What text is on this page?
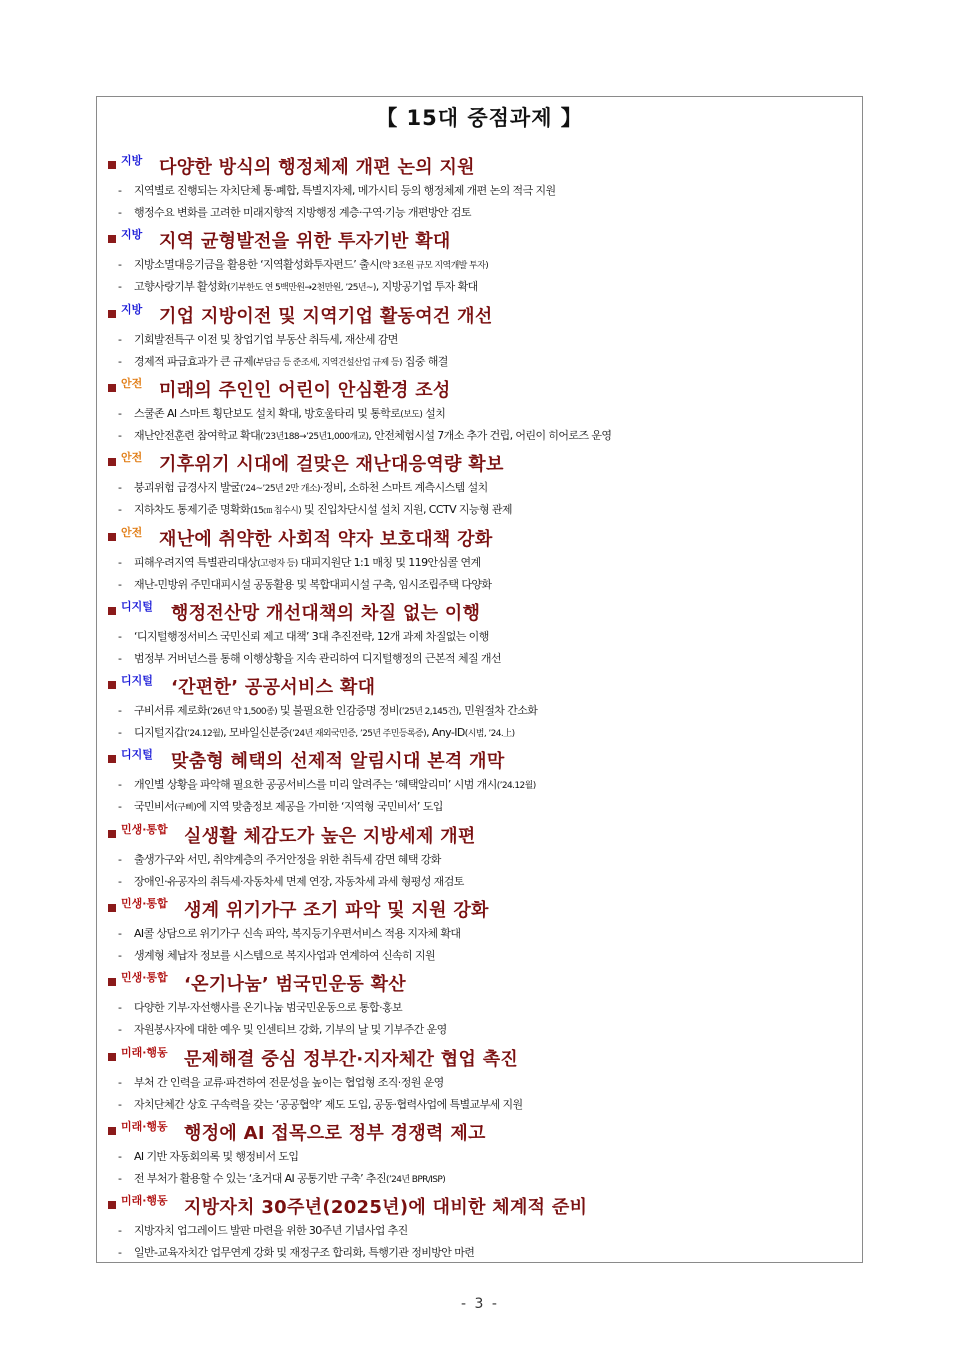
【 15대 중점과제 】
지방 다양한 방식의 행정체제 개편 논의 지원
- 지역별로 진행되는 자치단체 통·폐합, 특별지자체, 메가시티 등의 행정체제 개편 논의 적극 지원
- 행정수요 변화를 고려한 미래지향적 지방행정 계층·구역·기능 개편방안 검토
지방 지역 균형발전을 위한 투자기반 확대
- 지방소멸대응기금을 활용한 ‘지역활성화투자펀드’ 출시(약 3조원 규모 지역개발 투자)
- 고향사랑기부 활성화(기부한도 연 5백만원→2천만원, ’25년~), 지방공기업 투자 확대
지방 기업 지방이전 및 지역기업 활동여건 개선
- 기회발전특구 이전 및 창업기업 부동산 취득세, 재산세 감면
- 경제적 파급효과가 큰 규제(부담금 등 준조세, 지역건설산업 규제 등) 집중 해결
안전 미래의 주인인 어린이 안심환경 조성
- 스쿨존 AI 스마트 횡단보도 설치 확대, 방호울타리 및 통학로(보도) 설치
- 재난안전훈련 참여학교 확대(’23년188→’25년1,000개교), 안전체험시설 7개소 추가 건립, 어린이 히어로즈 운영
안전 기후위기 시대에 걸맞은 재난대응역량 확보
- 붕괴위험 급경사지 발굴(’24~’25년 2만 개소)·정비, 소하천 스마트 계측시스템 설치
- 지하차도 통제기준 명확화(15㎝ 침수시) 및 진입차단시설 설치 지원, CCTV 지능형 관제
안전 재난에 취약한 사회적 약자 보호대책 강화
- 피해우려지역 특별관리대상(고령자 등) 대피지원단 1:1 매칭 및 119안심콜 연계
- 재난-민방위 주민대피시설 공동활용 및 복합대피시설 구축, 임시조립주택 다양화
디지털 행정전산망 개선대책의 차질 없는 이행
- ‘디지털행정서비스 국민신뢰 제고 대책’ 3대 추진전략, 12개 과제 차질없는 이행
- 범정부 거버넌스를 통해 이행상황을 지속 관리하여 디지털행정의 근본적 체질 개선
디지털 ‘간편한’ 공공서비스 확대
- 구비서류 제로화(’26년 약 1,500종) 및 불필요한 인감증명 정비(’25년 2,145건), 민원절차 간소화
- 디지털지갑(’24.12월), 모바일신분증(’24년 재외국민증, ’25년 주민등록증), Any-ID(시범, ’24.上)
디지털 맞춤형 혜택의 선제적 알림시대 본격 개막
- 개인별 상황을 파악해 필요한 공공서비스를 미리 알려주는 ‘혜택알리미’ 시범 개시(’24.12월)
- 국민비서(구삐)에 지역 맞춤정보 제공을 가미한 ‘지역형 국민비서’ 도입
민생·통합 실생활 체감도가 높은 지방세제 개편
- 출생가구와 서민, 취약계층의 주거안정을 위한 취득세 감면 혜택 강화
- 장애인·유공자의 취득세·자동차세 면제 연장, 자동차세 과세 형평성 재검토
민생·통합 생계 위기가구 조기 파악 및 지원 강화
- AI콜 상담으로 위기가구 신속 파악, 복지등기우편서비스 적용 지자체 확대
- 생계형 체납자 정보를 시스템으로 복지사업과 연계하여 신속히 지원
민생·통합 ‘온기나눔’ 범국민운동 확산
- 다양한 기부·자선행사를 온기나눔 범국민운동으로 통합·홍보
- 자원봉사자에 대한 예우 및 인센티브 강화, 기부의 날 및 기부주간 운영
미래·행동 문제해결 중심 정부간·지자체간 협업 촉진
- 부처 간 인력을 교류·파견하여 전문성을 높이는 협업형 조직·정원 운영
- 자치단체간 상호 구속력을 갖는 ‘공공협약’ 제도 도입, 공동·협력사업에 특별교부세 지원
미래·행동 행정에 AI 접목으로 정부 경쟁력 제고
- AI 기반 자동회의록 및 행정비서 도입
- 전 부처가 활용할 수 있는 ‘초거대 AI 공통기반 구축’ 추진(’24년 BPR/ISP)
미래·행동 지방자치 30주년(2025년)에 대비한 체계적 준비
- 지방자치 업그레이드 발판 마련을 위한 30주년 기념사업 추진
- 일반-교육자치간 업무연계 강화 및 재정구조 합리화, 특행기관 정비방안 마련
- 3 -
